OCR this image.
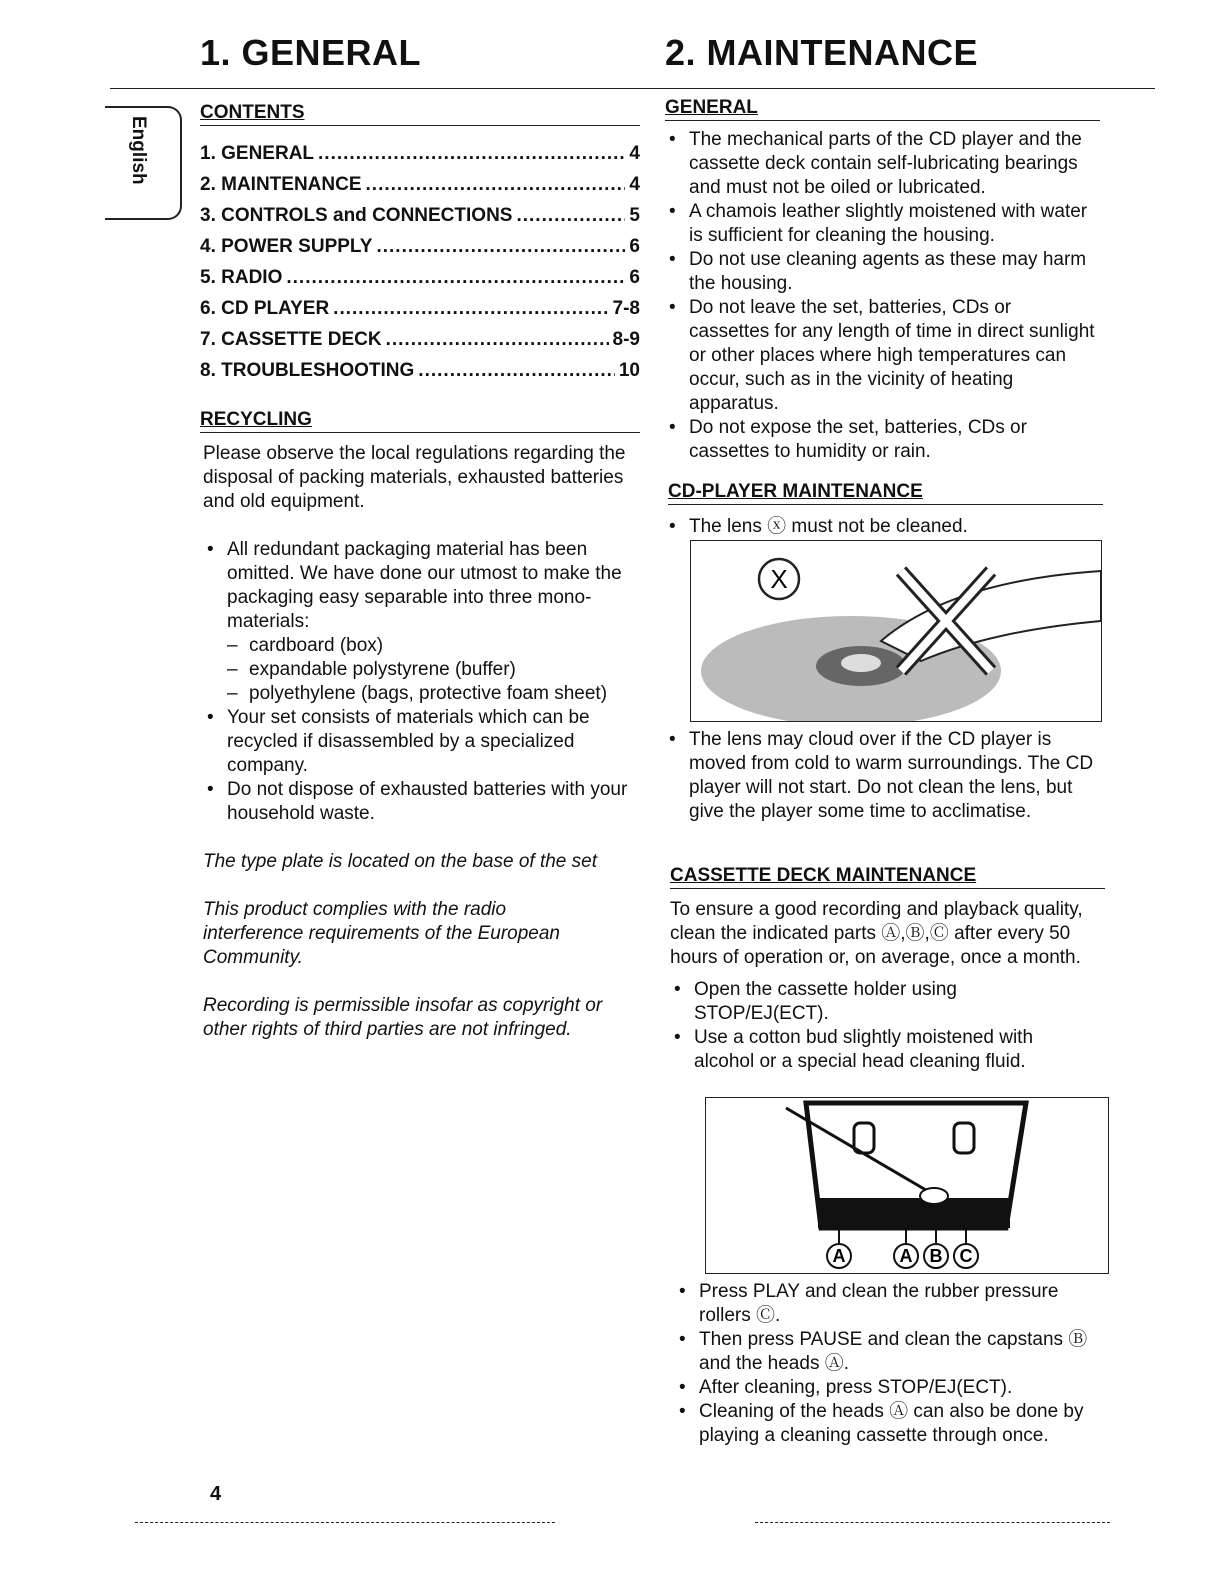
1. GENERAL	2. MAINTENANCE
English
CONTENTS
1. GENERAL .....	4
2. MAINTENANCE .....	4
3. CONTROLS and CONNECTIONS .....	5
4. POWER SUPPLY .....	6
5. RADIO .....	6
6. CD PLAYER .....	7-8
7. CASSETTE DECK .....	8-9
8. TROUBLESHOOTING .....	10
RECYCLING

Please observe the local regulations regarding the disposal of packing materials, exhausted batteries and old equipment.

• All redundant packaging material has been omitted. We have done our utmost to make the packaging easy separable into three mono-materials:
– cardboard (box)
– expandable polystyrene (buffer)
– polyethylene (bags, protective foam sheet)
• Your set consists of materials which can be recycled if disassembled by a specialized company.
• Do not dispose of exhausted batteries with your household waste.

The type plate is located on the base of the set

This product complies with the radio interference requirements of the European Community.

Recording is permissible insofar as copyright or other rights of third parties are not infringed.

GENERAL
• The mechanical parts of the CD player and the cassette deck contain self-lubricating bearings and must not be oiled or lubricated.
• A chamois leather slightly moistened with water is sufficient for cleaning the housing.
• Do not use cleaning agents as these may harm the housing.
• Do not leave the set, batteries, CDs or cassettes for any length of time in direct sunlight or other places where high temperatures can occur, such as in the vicinity of heating apparatus.
• Do not expose the set, batteries, CDs or cassettes to humidity or rain.
CD-PLAYER MAINTENANCE
• The lens ⓧ must not be cleaned.
X
• The lens may cloud over if the CD player is moved from cold to warm surroundings. The CD player will not start. Do not clean the lens, but give the player some time to acclimatise.
CASSETTE DECK MAINTENANCE

To ensure a good recording and playback quality, clean the indicated parts Ⓐ,Ⓑ,Ⓒ after every 50 hours of operation or, on average, once a month.

• Open the cassette holder using STOP/EJ(ECT).
• Use a cotton bud slightly moistened with alcohol or a special head cleaning fluid.
A	A B C
• Press PLAY and clean the rubber pressure rollers Ⓒ.
• Then press PAUSE and clean the capstans Ⓑ and the heads Ⓐ.
• After cleaning, press STOP/EJ(ECT).
• Cleaning of the heads Ⓐ can also be done by playing a cleaning cassette through once.
4
